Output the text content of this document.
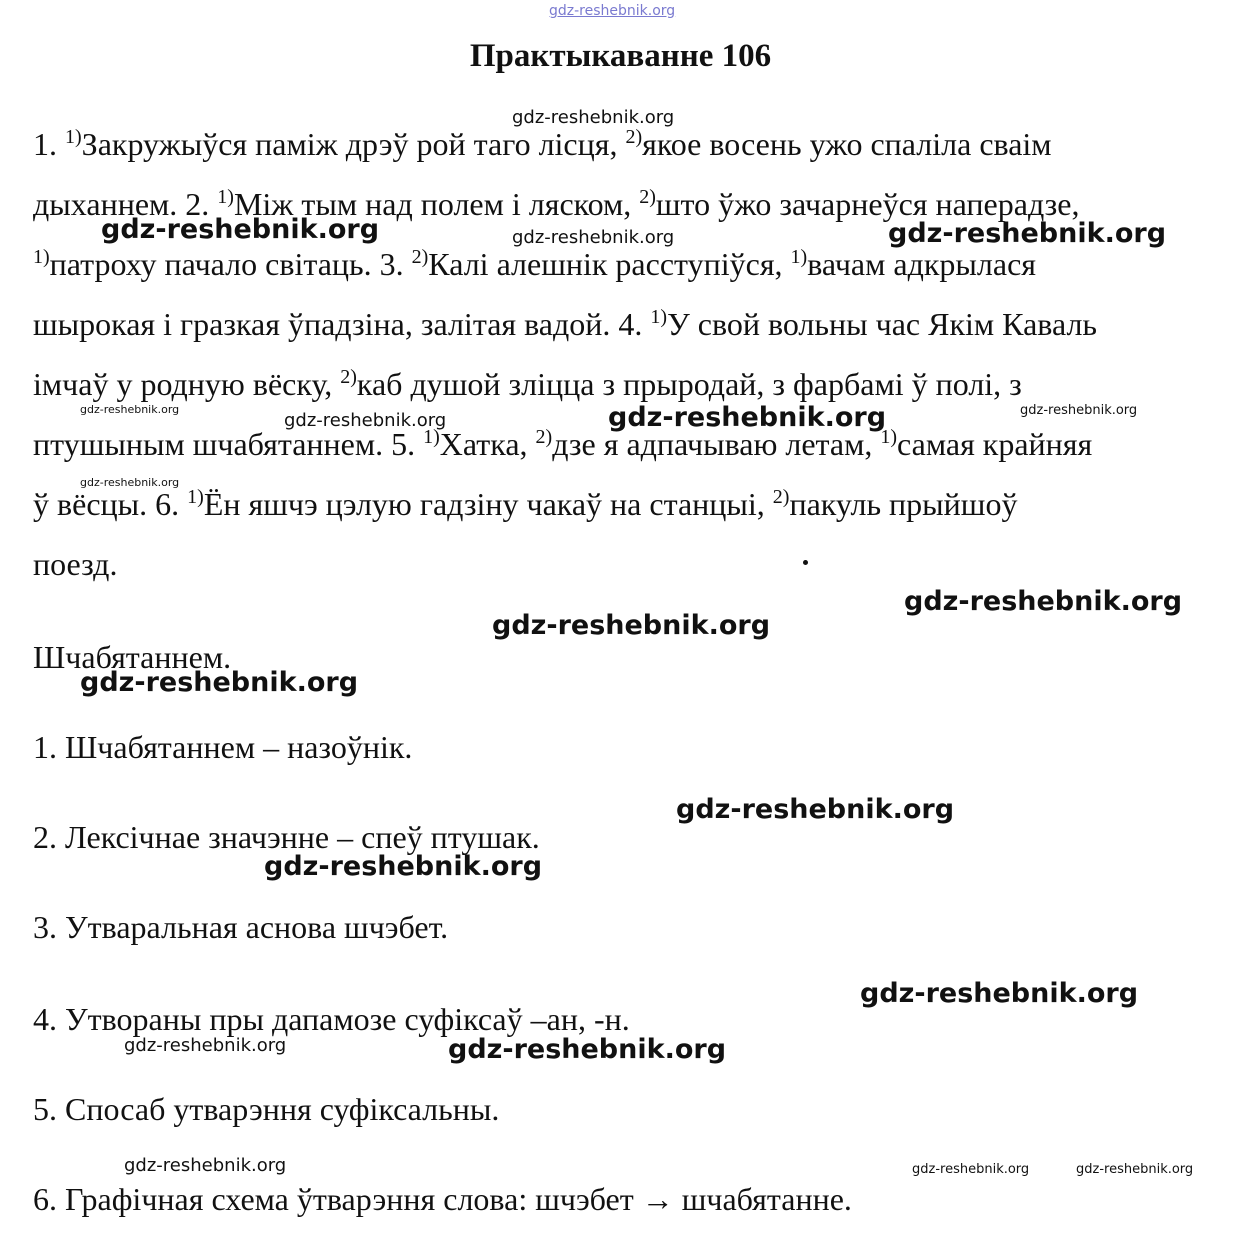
gdz-reshebnik.org
Практыкаванне 106
1. $^{1)}$Закружыўся паміж дрэў рой таго лісця, $^{2)}$якое восень ужо спаліла сваім
дыханнем. 2. $^{1)}$Між тым над полем і ляском, $^{2)}$што ўжо зачарнеўся наперадзе,
$^{1)}$патроху пачало світаць. 3. $^{2)}$Калі алешнік расступіўся, $^{1)}$вачам адкрылася
шырокая і гразкая ўпадзіна, залітая вадой. 4. $^{1)}$У свой вольны час Якім Каваль
імчаў у родную вёску, $^{2)}$каб душой зліцца з прыродай, з фарбамі ў полі, з
птушыным шчабятаннем. 5. $^{1)}$Хатка, $^{2)}$дзе я адпачываю летам, $^{1)}$самая крайняя
ў вёсцы. 6. $^{1)}$Ён яшчэ цэлую гадзіну чакаў на станцыі, $^{2)}$пакуль прыйшоў
поезд.
Шчабятаннем.
1. Шчабятаннем – назоўнік.
2. Лексічнае значэнне – спеў птушак.
3. Утваральная аснова шчэбет.
4. Утвораны пры дапамозе суфіксаў –ан, -н.
5. Спосаб утварэння суфіксальны.
6. Графічная схема ўтварэння слова: шчэбет → шчабятанне.
gdz-reshebnik.org
gdz-reshebnik.org	gdz-reshebnik.org	gdz-reshebnik.org
gdz-reshebnik.org
gdz-reshebnik.org	gdz-reshebnik.org	gdz-reshebnik.org
gdz-reshebnik.org
gdz-reshebnik.org
gdz-reshebnik.org
gdz-reshebnik.org
gdz-reshebnik.org
gdz-reshebnik.org
gdz-reshebnik.org
gdz-reshebnik.org	gdz-reshebnik.org
gdz-reshebnik.org	gdz-reshebnik.org	gdz-reshebnik.org
